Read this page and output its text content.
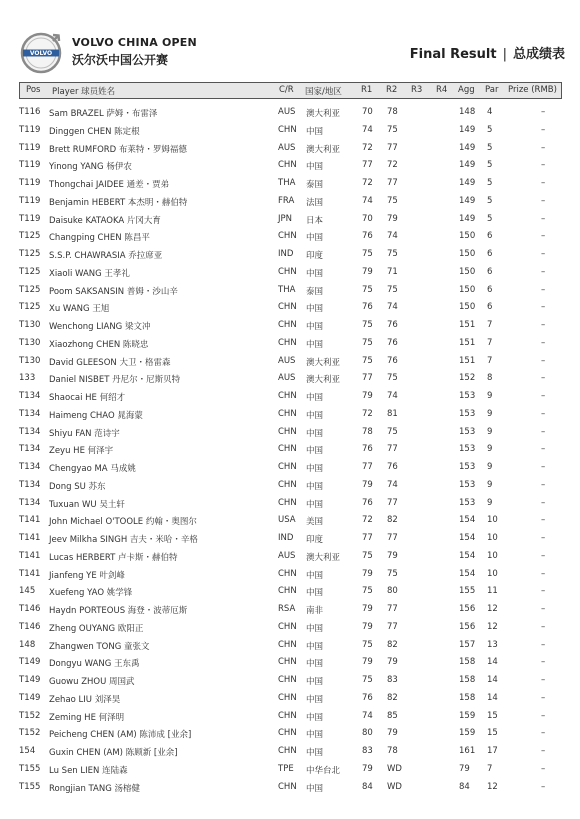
VOLVO
VOLVO CHINA OPEN
沃尔沃中国公开赛	Final Result | 总成绩表
Pos Player 球员姓名	C/R 国家/地区 R1 R2 R3 R4 Agg Par Prize (RMB)
T116 Sam BRAZEL 萨姆・布雷泽	AUS 澳大利亚	70 78	148 4	–
T119 Dinggen CHEN 陈定根	CHN 中国	74 75	149 5	–
T119 Brett RUMFORD 布莱特・罗姆福德	AUS 澳大利亚	72 77	149 5	–
T119 Yinong YANG 杨伊农	CHN 中国	77 72	149 5	–
T119 Thongchai JAIDEE 通差・贾弟	THA 泰国	72 77	149 5	–
T119 Benjamin HEBERT 本杰明・赫伯特	FRA 法国	74 75	149 5	–
T119 Daisuke KATAOKA 片冈大育	JPN 日本	70 79	149 5	–
T125 Changping CHEN 陈昌平	CHN 中国	76 74	150 6	–
T125 S.S.P. CHAWRASIA 乔拉席亚	IND 印度	75 75	150 6	–
T125 Xiaoli WANG 王孝礼	CHN 中国	79 71	150 6	–
T125 Poom SAKSANSIN 普姆・沙山辛	THA 泰国	75 75	150 6	–
T125 Xu WANG 王旭	CHN 中国	76 74	150 6	–
T130 Wenchong LIANG 梁文冲	CHN 中国	75 76	151 7	–
T130 Xiaozhong CHEN 陈晓忠	CHN 中国	75 76	151 7	–
T130 David GLEESON 大卫・格雷森	AUS 澳大利亚	75 76	151 7	–
133 Daniel NISBET 丹尼尔・尼斯贝特	AUS 澳大利亚	77 75	152 8	–
T134 Shaocai HE 何绍才	CHN 中国	79 74	153 9	–
T134 Haimeng CHAO 晁海蒙	CHN 中国	72 81	153 9	–
T134 Shiyu FAN 范诗宇	CHN 中国	78 75	153 9	–
T134 Zeyu HE 何泽宇	CHN 中国	76 77	153 9	–
T134 Chengyao MA 马成姚	CHN 中国	77 76	153 9	–
T134 Dong SU 苏东	CHN 中国	79 74	153 9	–
T134 Tuxuan WU 吴土轩	CHN 中国	76 77	153 9	–
T141 John Michael O'TOOLE 约翰・奥图尔	USA 美国	72 82	154 10	–
T141 Jeev Milkha SINGH 吉夫・米哈・辛格	IND 印度	77 77	154 10	–
T141 Lucas HERBERT 卢卡斯・赫伯特	AUS 澳大利亚	75 79	154 10	–
T141 Jianfeng YE 叶剑峰	CHN 中国	79 75	154 10	–
145 Xuefeng YAO 姚学锋	CHN 中国	75 80	155 11	–
T146 Haydn PORTEOUS 海登・波蒂厄斯	RSA 南非	79 77	156 12	–
T146 Zheng OUYANG 欧阳正	CHN 中国	79 77	156 12	–
148 Zhangwen TONG 童张文	CHN 中国	75 82	157 13	–
T149 Dongyu WANG 王东禹	CHN 中国	79 79	158 14	–
T149 Guowu ZHOU 周国武	CHN 中国	75 83	158 14	–
T149 Zehao LIU 刘泽昊	CHN 中国	76 82	158 14	–
T152 Zeming HE 何泽明	CHN 中国	74 85	159 15	–
T152 Peicheng CHEN (AM) 陈沛成 [业余]	CHN 中国	80 79	159 15	–
154 Guxin CHEN (AM) 陈顾新 [业余]	CHN 中国	83 78	161 17	–
T155 Lu Sen LIEN 连陆森	TPE 中华台北	79 WD	79 7	–
T155 Rongjian TANG 汤榕健	CHN 中国	84 WD	84 12	–
